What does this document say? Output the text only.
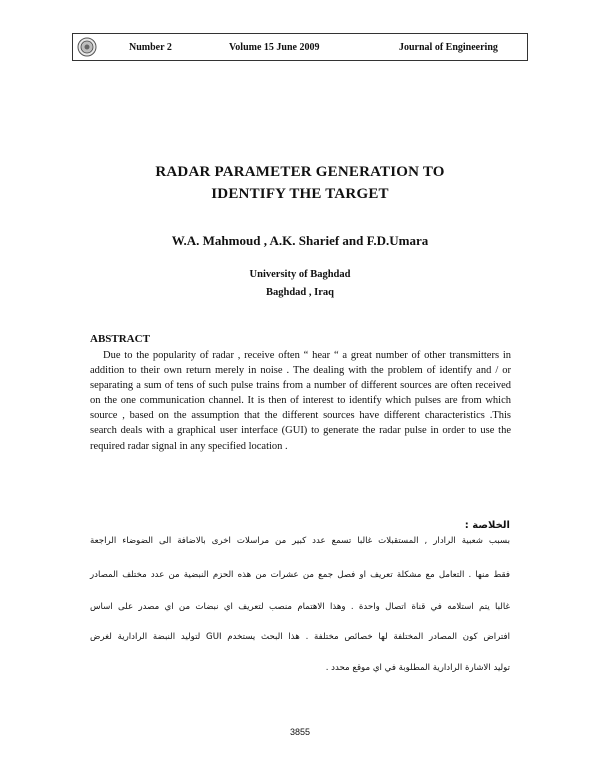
Number 2	Volume 15 June 2009	Journal of Engineering
RADAR PARAMETER GENERATION TO
IDENTIFY THE TARGET
W.A. Mahmoud , A.K. Sharief and F.D.Umara
University of Baghdad
Baghdad , Iraq
ABSTRACT

Due to the popularity of radar , receive often “ hear “ a great number of other transmitters in addition to their own return merely in noise . The dealing with the problem of identify and / or separating a sum of tens of such pulse trains from a number of different sources are often received on the one communication channel. It is then of interest to identify which pulses are from which source , based on the assumption that the different sources have different characteristics .This search deals with a graphical user interface (GUI) to generate the radar pulse in order to use the required radar signal in any specified location .

الخلاصة :
بسبب شعبية الرادار , المستقبلات غالبا تسمع عدد كبير من مراسلات اخرى بالاضافة الى الضوضاء الراجعة
فقط منها . التعامل مع مشكلة تعريف او فصل جمع من عشرات من هذه الحزم النبضية من عدد مختلف المصادر
غالبا يتم استلامه في قناة اتصال واحدة . وهذا الاهتمام منصب لتعريف اي نبضات من اي مصدر على اساس
افتراض كون المصادر المختلفة لها خصائص مختلفة . هذا البحث يستخدم GUI لتوليد النبضة الرادارية لغرض
توليد الاشارة الرادارية المطلوبة في اي موقع محدد .
3855
